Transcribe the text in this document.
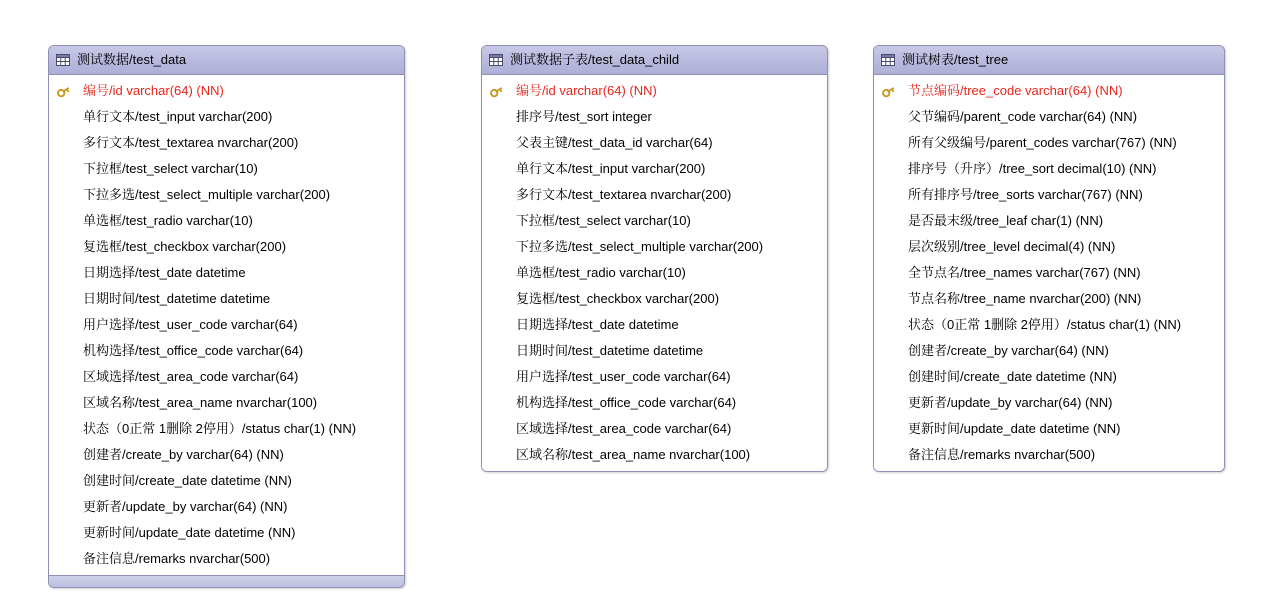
测试数据/test_data
编号/id varchar(64) (NN)
单行文本/test_input varchar(200)
多行文本/test_textarea nvarchar(200)
下拉框/test_select varchar(10)
下拉多选/test_select_multiple varchar(200)
单选框/test_radio varchar(10)
复选框/test_checkbox varchar(200)
日期选择/test_date datetime
日期时间/test_datetime datetime
用户选择/test_user_code varchar(64)
机构选择/test_office_code varchar(64)
区域选择/test_area_code varchar(64)
区域名称/test_area_name nvarchar(100)
状态（0正常 1删除 2停用）/status char(1) (NN)
创建者/create_by varchar(64) (NN)
创建时间/create_date datetime (NN)
更新者/update_by varchar(64) (NN)
更新时间/update_date datetime (NN)
备注信息/remarks nvarchar(500)
测试数据子表/test_data_child
编号/id varchar(64) (NN)
排序号/test_sort integer
父表主键/test_data_id varchar(64)
单行文本/test_input varchar(200)
多行文本/test_textarea nvarchar(200)
下拉框/test_select varchar(10)
下拉多选/test_select_multiple varchar(200)
单选框/test_radio varchar(10)
复选框/test_checkbox varchar(200)
日期选择/test_date datetime
日期时间/test_datetime datetime
用户选择/test_user_code varchar(64)
机构选择/test_office_code varchar(64)
区域选择/test_area_code varchar(64)
区域名称/test_area_name nvarchar(100)
测试树表/test_tree
节点编码/tree_code varchar(64) (NN)
父节编码/parent_code varchar(64) (NN)
所有父级编号/parent_codes varchar(767) (NN)
排序号（升序）/tree_sort decimal(10) (NN)
所有排序号/tree_sorts varchar(767) (NN)
是否最末级/tree_leaf char(1) (NN)
层次级别/tree_level decimal(4) (NN)
全节点名/tree_names varchar(767) (NN)
节点名称/tree_name nvarchar(200) (NN)
状态（0正常 1删除 2停用）/status char(1) (NN)
创建者/create_by varchar(64) (NN)
创建时间/create_date datetime (NN)
更新者/update_by varchar(64) (NN)
更新时间/update_date datetime (NN)
备注信息/remarks nvarchar(500)
